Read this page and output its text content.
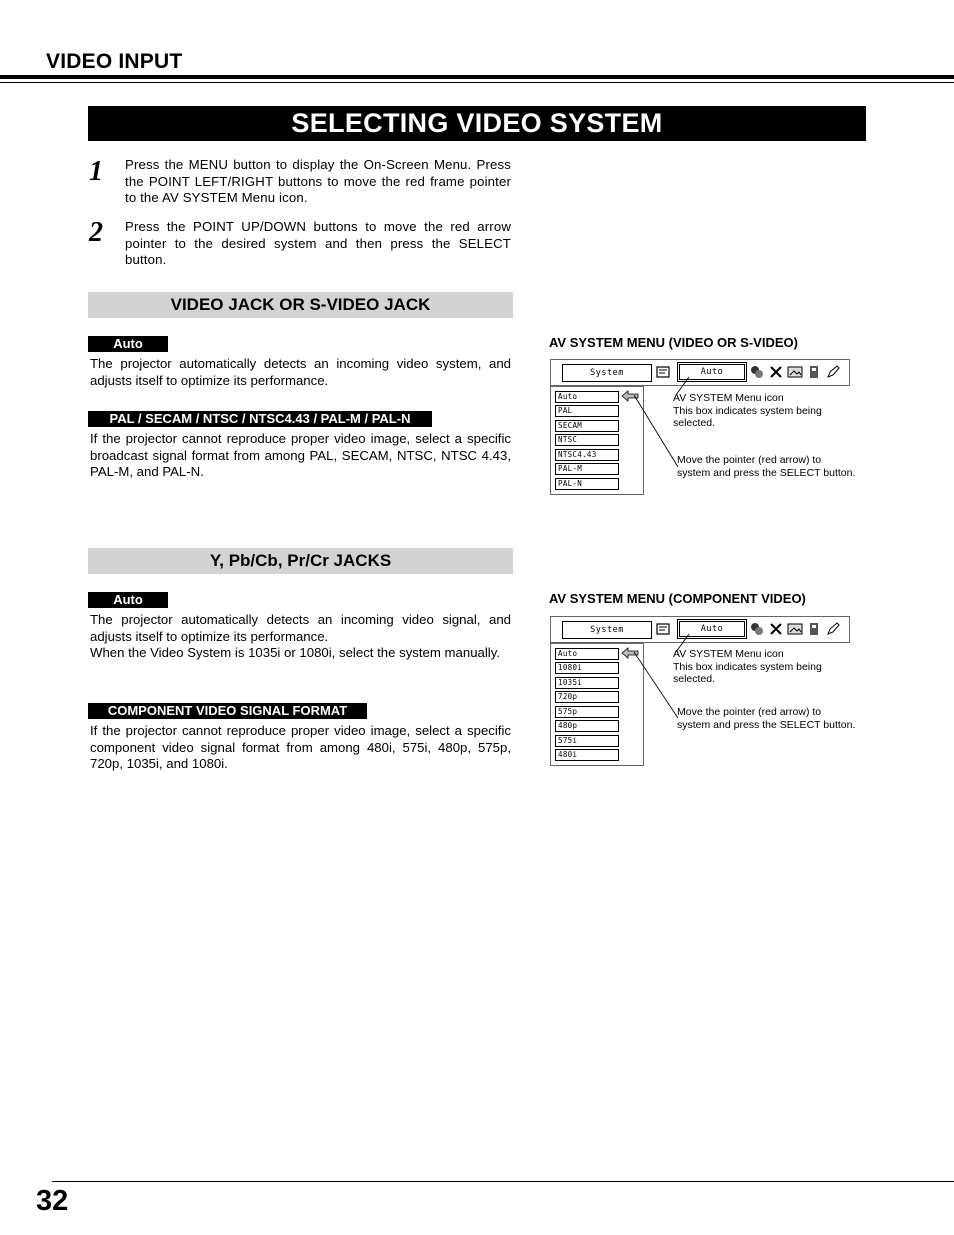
VIDEO INPUT
SELECTING VIDEO SYSTEM
1 Press the MENU button to display the On-Screen Menu. Press the POINT LEFT/RIGHT buttons to move the red frame pointer to the AV SYSTEM Menu icon.
2 Press the POINT UP/DOWN buttons to move the red arrow pointer to the desired system and then press the SELECT button.
VIDEO JACK OR S-VIDEO JACK
Auto
The projector automatically detects an incoming video system, and adjusts itself to optimize its performance.
PAL / SECAM / NTSC / NTSC4.43 / PAL-M / PAL-N
If the projector cannot reproduce proper video image, select a specific broadcast signal format from among PAL, SECAM, NTSC, NTSC 4.43, PAL-M, and PAL-N.
AV SYSTEM MENU (VIDEO OR S-VIDEO)
System	Auto
Auto
PAL
SECAM
NTSC
NTSC4.43
PAL-M
PAL-N
AV SYSTEM Menu icon
This box indicates system being selected.
Move the pointer (red arrow) to
system and press the SELECT button.
Y, Pb/Cb, Pr/Cr JACKS
Auto
The projector automatically detects an incoming video signal, and adjusts itself to optimize its performance.
When the Video System is 1035i or 1080i, select the system manually.
COMPONENT VIDEO SIGNAL FORMAT
If the projector cannot reproduce proper video image, select a specific component video signal format from among 480i, 575i, 480p, 575p, 720p, 1035i, and 1080i.
AV SYSTEM MENU (COMPONENT VIDEO)
System	Auto
Auto
1080i
1035i
720p
575p
480p
575i
480i
AV SYSTEM Menu icon
This box indicates system being selected.
Move the pointer (red arrow) to
system and press the SELECT button.
32
